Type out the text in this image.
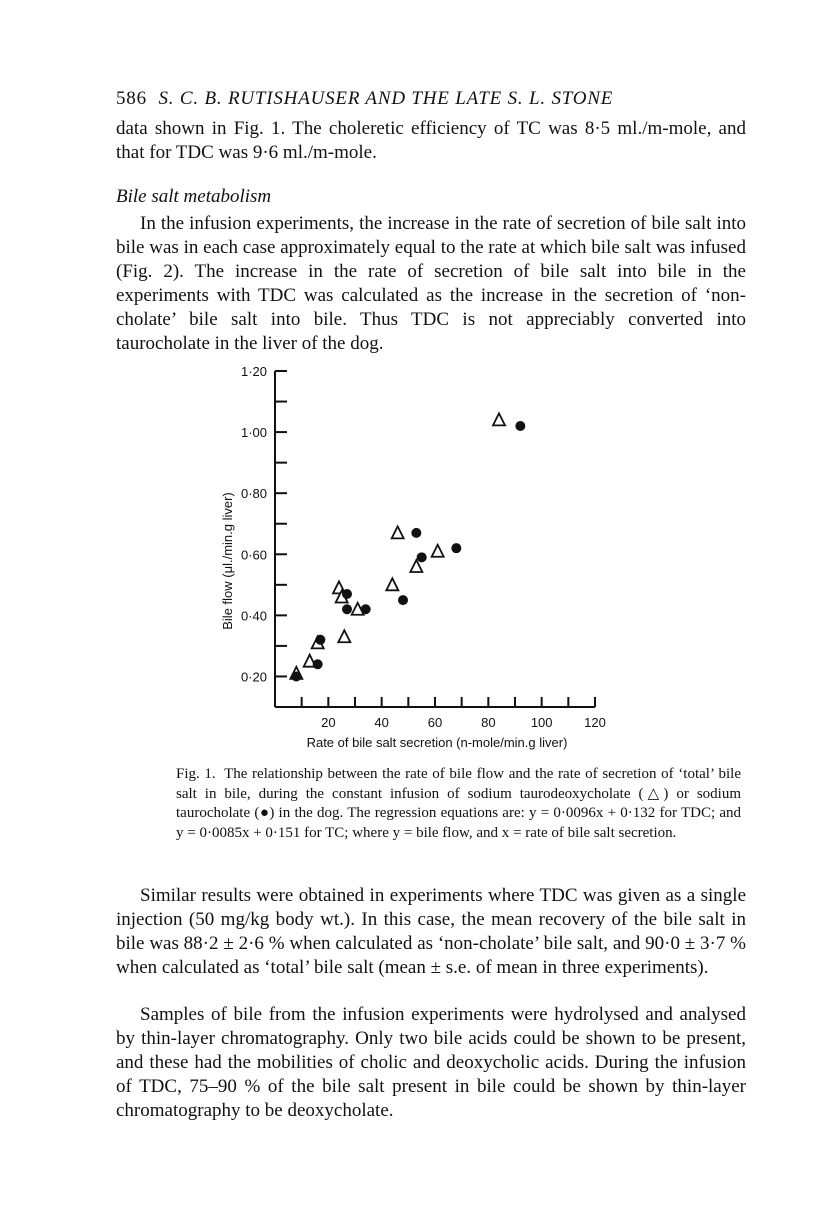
586 S. C. B. RUTISHAUSER AND THE LATE S. L. STONE

data shown in Fig. 1. The choleretic efficiency of TC was 8·5 ml./m-mole, and that for TDC was 9·6 ml./m-mole.

Bile salt metabolism

In the infusion experiments, the increase in the rate of secretion of bile salt into bile was in each case approximately equal to the rate at which bile salt was infused (Fig. 2). The increase in the rate of secretion of bile salt into bile in the experiments with TDC was calculated as the increase in the secretion of ‘non-cholate’ bile salt into bile. Thus TDC is not appreciably converted into taurocholate in the liver of the dog.

0·20
0·40
0·60
0·80
1·00
1·20
20	40	60	80	100 120
Bile flow (μl./min.g liver)
Rate of bile salt secretion (n-mole/min.g liver)

Fig. 1. The relationship between the rate of bile flow and the rate of secretion of ‘total’ bile salt in bile, during the constant infusion of sodium taurodeoxycholate (△) or sodium taurocholate (●) in the dog. The regression equations are: y = 0·0096x + 0·132 for TDC; and y = 0·0085x + 0·151 for TC; where y = bile flow, and x = rate of bile salt secretion.

Similar results were obtained in experiments where TDC was given as a single injection (50 mg/kg body wt.). In this case, the mean recovery of the bile salt in bile was 88·2 ± 2·6 % when calculated as ‘non-cholate’ bile salt, and 90·0 ± 3·7 % when calculated as ‘total’ bile salt (mean ± s.e. of mean in three experiments).

Samples of bile from the infusion experiments were hydrolysed and analysed by thin-layer chromatography. Only two bile acids could be shown to be present, and these had the mobilities of cholic and deoxycholic acids. During the infusion of TDC, 75–90 % of the bile salt present in bile could be shown by thin-layer chromatography to be deoxycholate.
